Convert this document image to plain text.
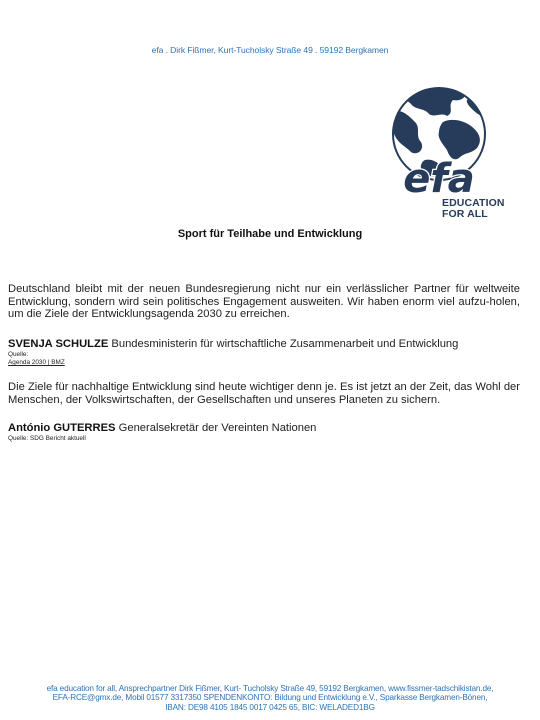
efa . Dirk Fißmer, Kurt-Tucholsky Straße 49 . 59192 Bergkamen
efa
EDUCATION
FOR ALL
Sport für Teilhabe und Entwicklung
Deutschland bleibt mit der neuen Bundesregierung nicht nur ein verlässlicher Partner für weltweite Entwicklung, sondern wird sein politisches Engagement ausweiten. Wir haben enorm viel aufzu-holen, um die Ziele der Entwicklungsagenda 2030 zu erreichen.
SVENJA SCHULZE Bundesministerin für wirtschaftliche Zusammenarbeit und Entwicklung
Quelle:
Agenda 2030 | BMZ
Die Ziele für nachhaltige Entwicklung sind heute wichtiger denn je. Es ist jetzt an der Zeit, das Wohl der Menschen, der Volkswirtschaften, der Gesellschaften und unseres Planeten zu sichern.
António GUTERRES Generalsekretär der Vereinten Nationen
Quelle: SDG Bericht aktuell
efa education for all, Ansprechpartner Dirk Fißmer, Kurt- Tucholsky Straße 49, 59192 Bergkamen, www.fissmer-tadschikistan.de,
EFA-RCE@gmx.de, Mobil 01577 3317350 SPENDENKONTO: Bildung und Entwicklung e.V., Sparkasse Bergkamen-Bönen,
IBAN: DE98 4105 1845 0017 0425 65, BIC: WELADED1BG
